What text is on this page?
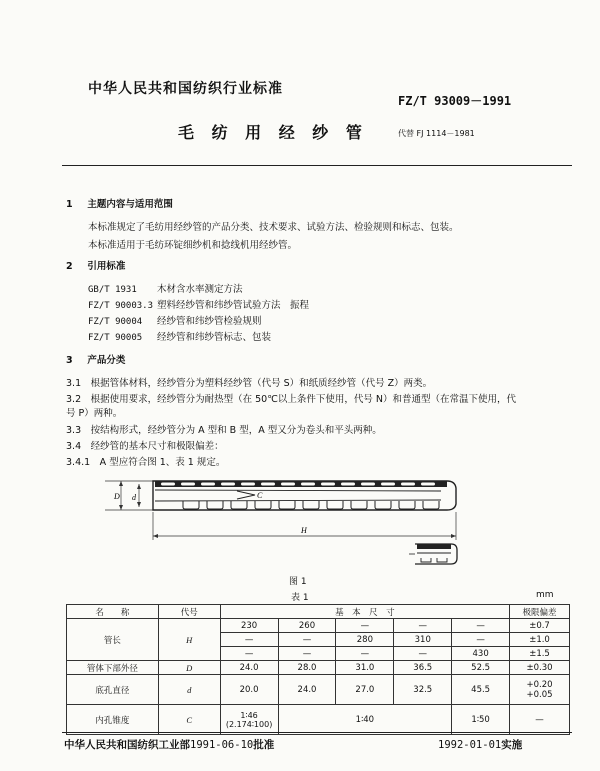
中华人民共和国纺织行业标准
FZ/T 93009－1991
毛 纺 用 经 纱 管	代替 FJ 1114－1981
1 主题内容与适用范围
本标准规定了毛纺用经纱管的产品分类、技术要求、试验方法、检验规则和标志、包装。
本标准适用于毛纺环锭细纱机和捻线机用经纱管。
2 引用标准
GB/T 1931 木材含水率测定方法
FZ/T 90003.3 塑料经纱管和纬纱管试验方法　振程
FZ/T 90004 经纱管和纬纱管检验规则
FZ/T 90005 经纱管和纬纱管标志、包装
3 产品分类
3.1　根据管体材料，经纱管分为塑料经纱管（代号 S）和纸质经纱管（代号 Z）两类。
3.2　根据使用要求，经纱管分为耐热型（在 50℃以上条件下使用，代号 N）和普通型（在常温下使用，代
号 P）两种。
3.3　按结构形式，经纱管分为 A 型和 B 型，A 型又分为卷头和平头两种。
3.4　经纱管的基本尺寸和极限偏差：
3.4.1　A 型应符合图 1、表 1 规定。
D d	C
H
图 1
表 1	mm
名　　称	代号	基　本　尺　寸					极限偏差
管长	H	230	260	—	—	—	±0.7
		—	—	280	310	—	±1.0
		—	—	—	—	430	±1.5
管体下部外径	D	24.0	28.0	31.0	36.5	52.5	±0.30
底孔直径	d	20.0	24.0	27.0	32.5	45.5	+0.20
+0.05

内孔锥度	C	1∶46
(2.174∶100)	1∶40			1∶50	—
中华人民共和国纺织工业部1991-06-10批准	1992-01-01实施
